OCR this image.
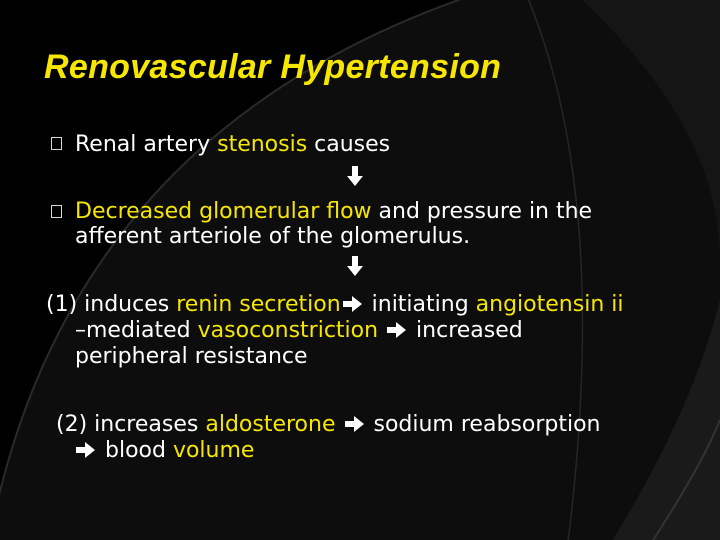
Renovascular Hypertension
Renal artery stenosis causes
Decreased glomerular flow and pressure in the
afferent arteriole of the glomerulus.
(1) induces renin secretion initiating angiotensin ii
–mediated vasoconstriction  increased
peripheral resistance
(2) increases aldosterone  sodium reabsorption
blood volume
